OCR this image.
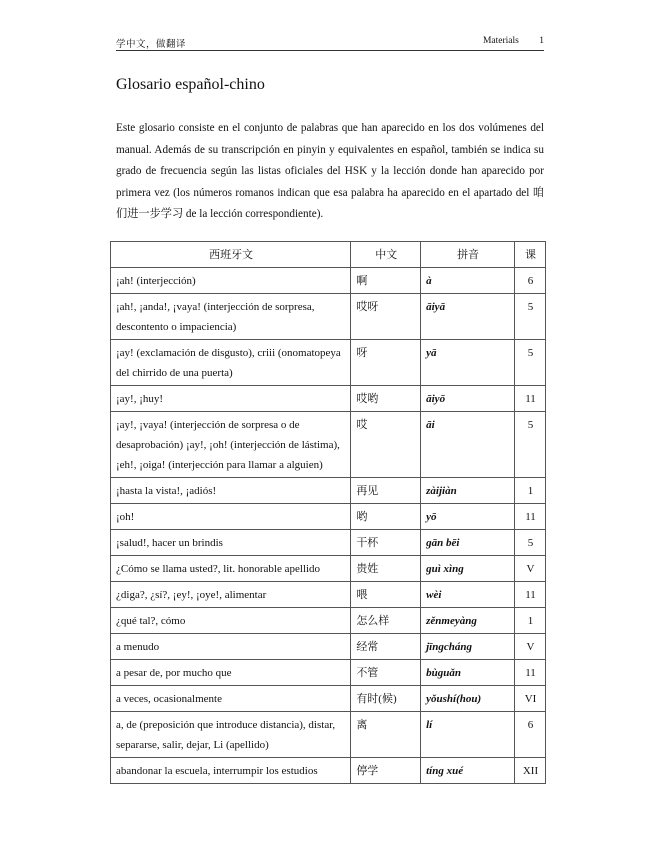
学中文，做翻译	Materials 1
Glosario español-chino

Este glosario consiste en el conjunto de palabras que han aparecido en los dos volúmenes del manual. Además de su transcripción en pinyin y equivalentes en español, también se indica su grado de frecuencia según las listas oficiales del HSK y la lección donde han aparecido por primera vez (los números romanos indican que esa palabra ha aparecido en el apartado del 咱们进一步学习 de la lección correspondiente).

西班牙文	中文	拼音	课
¡ah! (interjección)	啊	à	6
¡ah!, ¡anda!, ¡vaya! (interjección de sorpresa, descontento o impaciencia)	哎呀	āiyā	5
¡ay! (exclamación de disgusto), criii (onomatopeya del chirrido de una puerta)	呀	yā	5
¡ay!, ¡huy!	哎哟	āiyō	11
¡ay!, ¡vaya! (interjección de sorpresa o de desaprobación) ¡ay!, ¡oh! (interjección de lástima), ¡eh!, ¡oiga! (interjección para llamar a alguien)	哎	āi	5
¡hasta la vista!, ¡adiós!	再见	zàijiàn	1
¡oh!	哟	yō	11
¡salud!, hacer un brindis	干杯	gān bēi	5
¿Cómo se llama usted?, lit. honorable apellido	贵姓	guì xìng	V
¿diga?, ¿sí?, ¡ey!, ¡oye!, alimentar	喂	wèi	11
¿qué tal?, cómo	怎么样	zěnmeyàng	1
a menudo	经常	jīngcháng	V
a pesar de, por mucho que	不管	bùguǎn	11
a veces, ocasionalmente	有时(候)	yǒushí(hou)	VI
a, de (preposición que introduce distancia), distar, separarse, salir, dejar, Li (apellido)	离	lí	6
abandonar la escuela, interrumpir los estudios	停学	tíng xué	XII
